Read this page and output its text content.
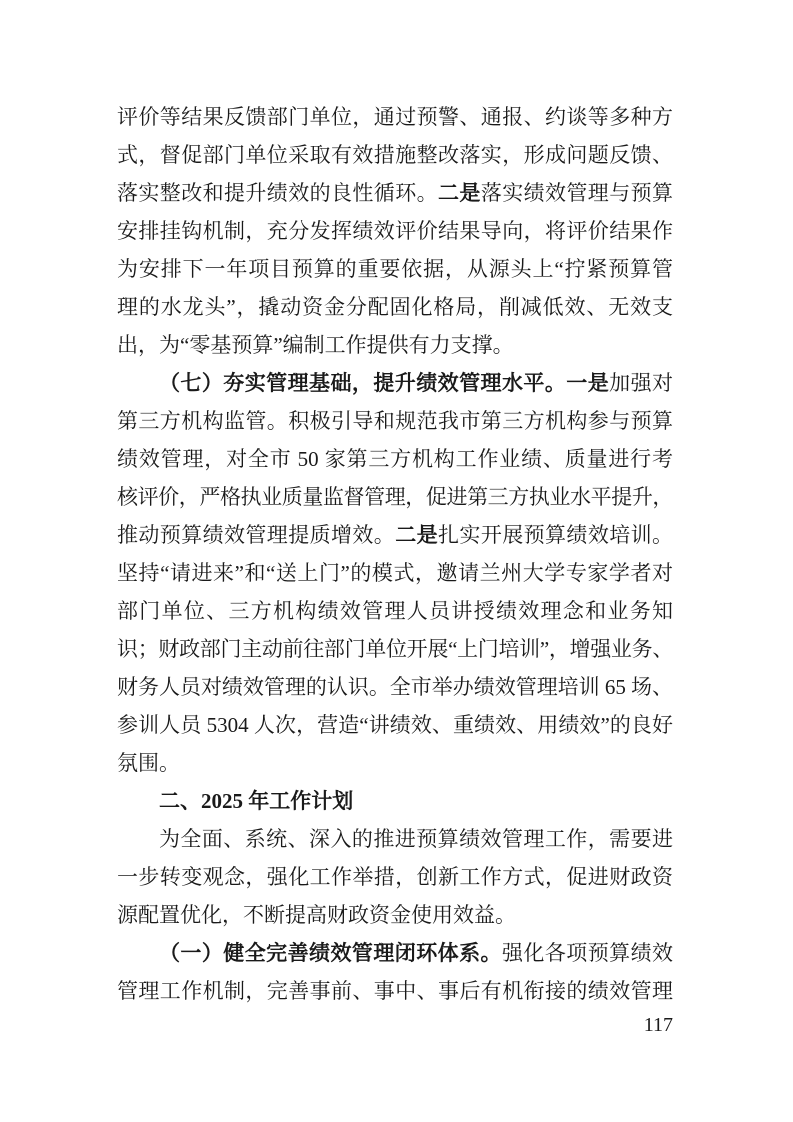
评价等结果反馈部门单位，通过预警、通报、约谈等多种方
式，督促部门单位采取有效措施整改落实，形成问题反馈、
落实整改和提升绩效的良性循环。二是落实绩效管理与预算
安排挂钩机制，充分发挥绩效评价结果导向，将评价结果作
为安排下一年项目预算的重要依据，从源头上“拧紧预算管
理的水龙头”，撬动资金分配固化格局，削减低效、无效支
出，为“零基预算”编制工作提供有力支撑。
（七）夯实管理基础，提升绩效管理水平。一是加强对
第三方机构监管。积极引导和规范我市第三方机构参与预算
绩效管理，对全市 50 家第三方机构工作业绩、质量进行考
核评价，严格执业质量监督管理，促进第三方执业水平提升，
推动预算绩效管理提质增效。二是扎实开展预算绩效培训。
坚持“请进来”和“送上门”的模式，邀请兰州大学专家学者对
部门单位、三方机构绩效管理人员讲授绩效理念和业务知
识；财政部门主动前往部门单位开展“上门培训”，增强业务、
财务人员对绩效管理的认识。全市举办绩效管理培训 65 场、
参训人员 5304 人次，营造“讲绩效、重绩效、用绩效”的良好
氛围。
二、2025 年工作计划
为全面、系统、深入的推进预算绩效管理工作，需要进
一步转变观念，强化工作举措，创新工作方式，促进财政资
源配置优化，不断提高财政资金使用效益。
（一）健全完善绩效管理闭环体系。强化各项预算绩效
管理工作机制，完善事前、事中、事后有机衔接的绩效管理
117
